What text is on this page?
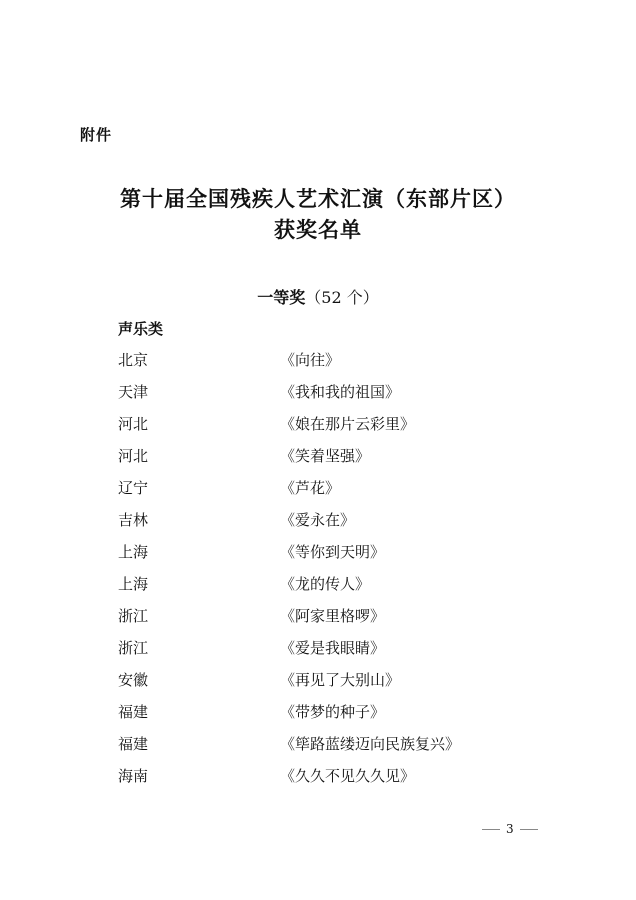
附件
第十届全国残疾人艺术汇演（东部片区）
获奖名单
一等奖（52 个）
声乐类
北京	《向往》
天津	《我和我的祖国》
河北	《娘在那片云彩里》
河北	《笑着坚强》
辽宁	《芦花》
吉林	《爱永在》
上海	《等你到天明》
上海	《龙的传人》
浙江	《阿家里格啰》
浙江	《爱是我眼睛》
安徽	《再见了大别山》
福建	《带梦的种子》
福建	《筚路蓝缕迈向民族复兴》
海南	《久久不见久久见》
3
